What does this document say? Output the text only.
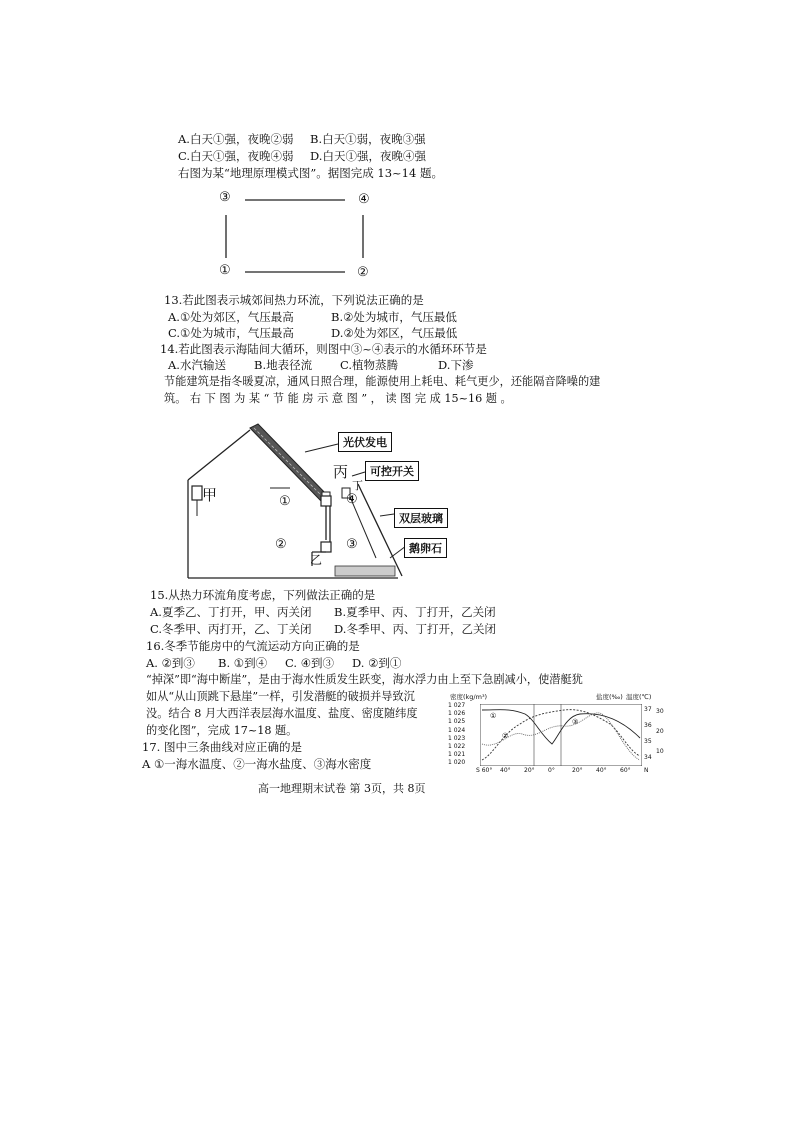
A.白天①强，夜晚②弱 B.白天①弱，夜晚③强
C.白天①强，夜晚④弱 D.白天①强，夜晚④强
右图为某“地理原理模式图”。据图完成 13~14 题。
③	④
①	②
13.若此图表示城郊间热力环流，下列说法正确的是
A.①处为郊区，气压最高	B.②处为城市，气压最低
C.①处为城市，气压最高	D.②处为郊区，气压最低
14.若此图表示海陆间大循环，则图中③~④表示的水循环环节是
A.水汽输送 B.地表径流 C.植物蒸腾	D.下渗
节能建筑是指冬暖夏凉，通风日照合理，能源使用上耗电、耗气更少，还能隔音降噪的建
筑。 右 下 图 为 某 “ 节 能 房 示 意 图 ” ， 读 图 完 成 15~16 题 。
光伏发电
可控开关
双层玻璃
鹅卵石
甲
乙
丙
丁
①
②	③
④
15.从热力环流角度考虑，下列做法正确的是
A.夏季乙、丁打开，甲、丙关闭 B.夏季甲、丙、丁打开，乙关闭
C.冬季甲、丙打开，乙、丁关闭 D.冬季甲、丙、丁打开，乙关闭
16.冬季节能房中的气流运动方向正确的是
A. ②到③ B. ①到④ C. ④到③ D. ②到①
“掉深”即“海中断崖”，是由于海水性质发生跃变，海水浮力由上至下急剧减小，使潜艇犹
如从“从山顶跳下悬崖”一样，引发潜艇的破损并导致沉
没。结合 8 月大西洋表层海水温度、盐度、密度随纬度
的变化图”，完成 17~18 题。
17. 图中三条曲线对应正确的是
A ①一海水温度、②一海水盐度、③海水密度
密度(kg/m³)	盐度(‰) 温度(℃)
1 027
1 026
1 025
1 024
1 023
1 022
1 021
1 020
37
36
35
34
30
20
10
①
②
③
S 60° 40° 20° 0°	20° 40° 60° N
高一地理期末试卷 第 3页，共 8页
